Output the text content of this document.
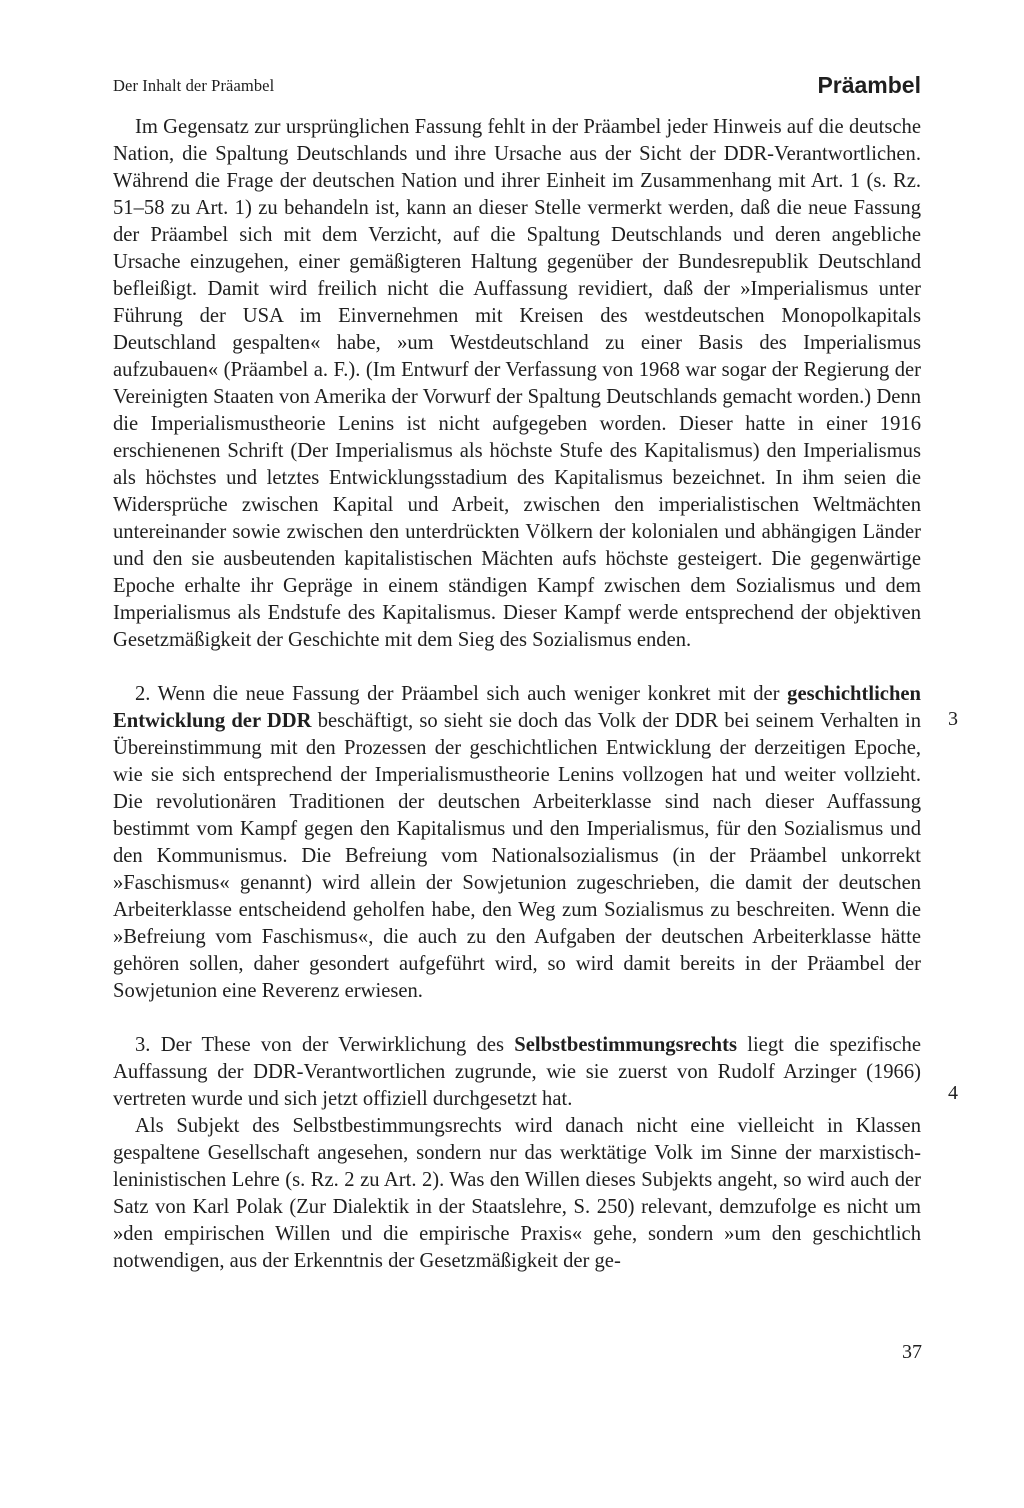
Der Inhalt der Präambel	Präambel

Im Gegensatz zur ursprünglichen Fassung fehlt in der Präambel jeder Hinweis auf die deutsche Nation, die Spaltung Deutschlands und ihre Ursache aus der Sicht der DDR-Verantwortlichen. Während die Frage der deutschen Nation und ihrer Einheit im Zusammenhang mit Art. 1 (s. Rz. 51–58 zu Art. 1) zu behandeln ist, kann an dieser Stelle vermerkt werden, daß die neue Fassung der Präambel sich mit dem Verzicht, auf die Spaltung Deutschlands und deren angebliche Ursache einzugehen, einer gemäßigteren Haltung gegenüber der Bundesrepublik Deutschland befleißigt. Damit wird freilich nicht die Auffassung revidiert, daß der »Imperialismus unter Führung der USA im Einvernehmen mit Kreisen des westdeutschen Monopolkapitals Deutschland gespalten« habe, »um Westdeutschland zu einer Basis des Imperialismus aufzubauen« (Präambel a. F.). (Im Entwurf der Verfassung von 1968 war sogar der Regierung der Vereinigten Staaten von Amerika der Vorwurf der Spaltung Deutschlands gemacht worden.) Denn die Imperialismustheorie Lenins ist nicht aufgegeben worden. Dieser hatte in einer 1916 erschienenen Schrift (Der Imperialismus als höchste Stufe des Kapitalismus) den Imperialismus als höchstes und letztes Entwicklungsstadium des Kapitalismus bezeichnet. In ihm seien die Widersprüche zwischen Kapital und Arbeit, zwischen den imperialistischen Weltmächten untereinander sowie zwischen den unterdrückten Völkern der kolonialen und abhängigen Länder und den sie ausbeutenden kapitalistischen Mächten aufs höchste gesteigert. Die gegenwärtige Epoche erhalte ihr Gepräge in einem ständigen Kampf zwischen dem Sozialismus und dem Imperialismus als Endstufe des Kapitalismus. Dieser Kampf werde entsprechend der objektiven Gesetzmäßigkeit der Geschichte mit dem Sieg des Sozialismus enden.

2. Wenn die neue Fassung der Präambel sich auch weniger konkret mit der geschichtlichen Entwicklung der DDR beschäftigt, so sieht sie doch das Volk der DDR bei seinem Verhalten in Übereinstimmung mit den Prozessen der geschichtlichen Entwicklung der derzeitigen Epoche, wie sie sich entsprechend der Imperialismustheorie Lenins vollzogen hat und weiter vollzieht. Die revolutionären Traditionen der deutschen Arbeiterklasse sind nach dieser Auffassung bestimmt vom Kampf gegen den Kapitalismus und den Imperialismus, für den Sozialismus und den Kommunismus. Die Befreiung vom Nationalsozialismus (in der Präambel unkorrekt »Faschismus« genannt) wird allein der Sowjetunion zugeschrieben, die damit der deutschen Arbeiterklasse entscheidend geholfen habe, den Weg zum Sozialismus zu beschreiten. Wenn die »Befreiung vom Faschismus«, die auch zu den Aufgaben der deutschen Arbeiterklasse hätte gehören sollen, daher gesondert aufgeführt wird, so wird damit bereits in der Präambel der Sowjetunion eine Reverenz erwiesen.

3. Der These von der Verwirklichung des Selbstbestimmungsrechts liegt die spezifische Auffassung der DDR-Verantwortlichen zugrunde, wie sie zuerst von Rudolf Arzinger (1966) vertreten wurde und sich jetzt offiziell durchgesetzt hat.

Als Subjekt des Selbstbestimmungsrechts wird danach nicht eine vielleicht in Klassen gespaltene Gesellschaft angesehen, sondern nur das werktätige Volk im Sinne der marxistisch-leninistischen Lehre (s. Rz. 2 zu Art. 2). Was den Willen dieses Subjekts angeht, so wird auch der Satz von Karl Polak (Zur Dialektik in der Staatslehre, S. 250) relevant, demzufolge es nicht um »den empirischen Willen und die empirische Praxis« gehe, sondern »um den geschichtlich notwendigen, aus der Erkenntnis der Gesetzmäßigkeit der ge-

3
4
37
